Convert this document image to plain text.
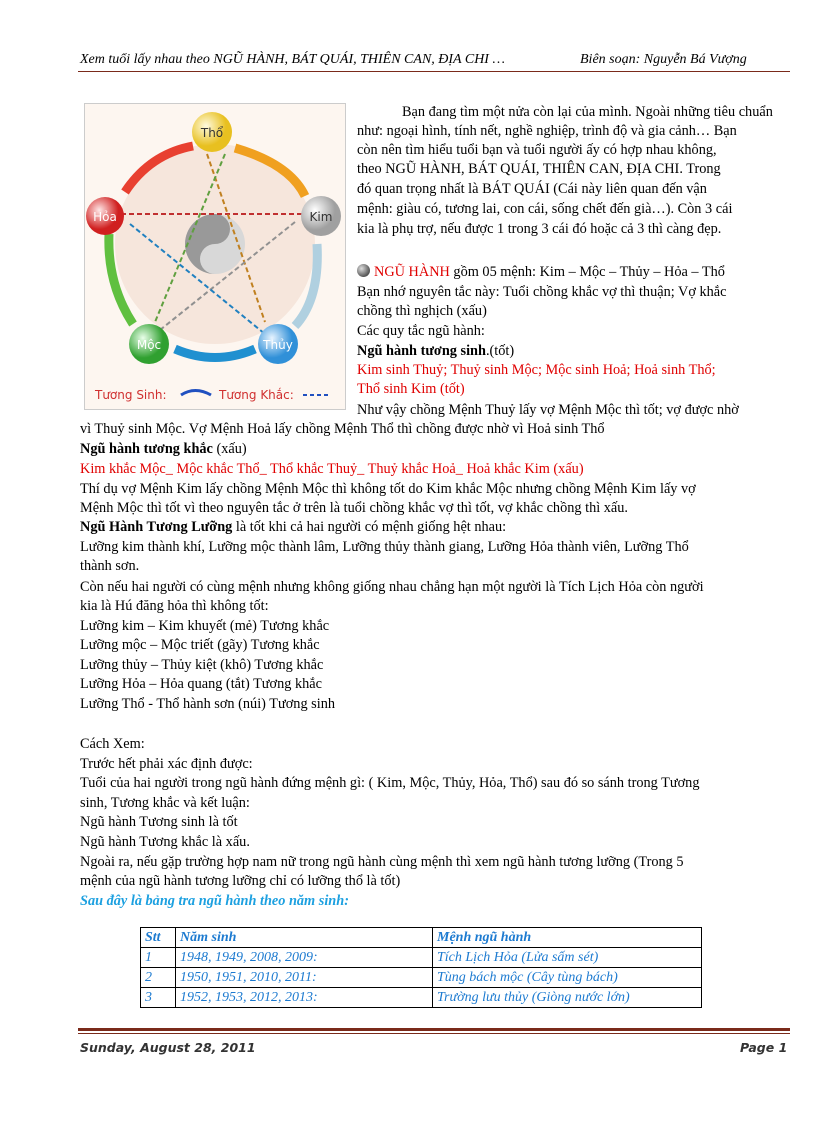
Xem tuổi lấy nhau theo NGŨ HÀNH, BÁT QUÁI, THIÊN CAN, ĐỊA CHI …	Biên soạn: Nguyễn Bá Vượng
Thổ
Kim
Thủy
Mộc
Hỏa
Tương Sinh:	Tương Khắc:
Bạn đang tìm một nửa còn lại của mình. Ngoài những tiêu chuẩn
như: ngoại hình, tính nết, nghề nghiệp, trình độ và gia cảnh… Bạn
còn nên tìm hiểu tuổi bạn và tuổi người ấy có hợp nhau không,
theo NGŨ HÀNH, BÁT QUÁI, THIÊN CAN, ĐỊA CHI. Trong
đó quan trọng nhất là BÁT QUÁI (Cái này liên quan đến vận
mệnh: giàu có, tương lai, con cái, sống chết đến già…). Còn 3 cái
kia là phụ trợ, nếu được 1 trong 3 cái đó hoặc cả 3 thì càng đẹp.
NGŨ HÀNH gồm 05 mệnh: Kim – Mộc – Thủy – Hỏa – Thổ
Bạn nhớ nguyên tắc này: Tuổi chồng khắc vợ thì thuận; Vợ khắc
chồng thì nghịch (xấu)
Các quy tắc ngũ hành:
Ngũ hành tương sinh.(tốt)
Kim sinh Thuỷ; Thuỷ sinh Mộc; Mộc sinh Hoả; Hoả sinh Thổ;
Thổ sinh Kim (tốt)
Như vậy chồng Mệnh Thuỷ lấy vợ Mệnh Mộc thì tốt; vợ được nhờ
vì Thuỷ sinh Mộc. Vợ Mệnh Hoả lấy chồng Mệnh Thổ thì chồng được nhờ vì Hoả sinh Thổ
Ngũ hành tương khắc (xấu)
Kim khắc Mộc_ Mộc khắc Thổ_ Thổ khắc Thuỷ_ Thuỷ khắc Hoả_ Hoả khắc Kim (xấu)
Thí dụ vợ Mệnh Kim lấy chồng Mệnh Mộc thì không tốt do Kim khắc Mộc nhưng chồng Mệnh Kim lấy vợ
Mệnh Mộc thì tốt vì theo nguyên tắc ở trên là tuổi chồng khắc vợ thì tốt, vợ khắc chồng thì xấu.
Ngũ Hành Tương Lưỡng là tốt khi cả hai người có mệnh giống hệt nhau:
Lưỡng kim thành khí, Lưỡng mộc thành lâm, Lưỡng thủy thành giang, Lưỡng Hỏa thành viên, Lưỡng Thổ
thành sơn.
Còn nếu hai người có cùng mệnh nhưng không giống nhau chẳng hạn một người là Tích Lịch Hỏa còn người
kia là Hú đăng hỏa thì không tốt:
Lưỡng kim – Kim khuyết (mẻ) Tương khắc
Lưỡng mộc – Mộc triết (gãy) Tương khắc
Lưỡng thủy – Thủy kiệt (khô) Tương khắc
Lưỡng Hỏa – Hỏa quang (tắt) Tương khắc
Lưỡng Thổ - Thổ hành sơn (núi) Tương sinh
Cách Xem:
Trước hết phải xác định được:
Tuổi của hai người trong ngũ hành đứng mệnh gì: ( Kim, Mộc, Thủy, Hỏa, Thổ) sau đó so sánh trong Tương
sinh, Tương khắc và kết luận:
Ngũ hành Tương sinh là tốt
Ngũ hành Tương khắc là xấu.
Ngoài ra, nếu gặp trường hợp nam nữ trong ngũ hành cùng mệnh thì xem ngũ hành tương lưỡng (Trong 5
mệnh của ngũ hành tương lưỡng chỉ có lưỡng thổ là tốt)
Sau đây là bảng tra ngũ hành theo năm sinh:
Stt	Năm sinh	Mệnh ngũ hành
1	1948, 1949, 2008, 2009:	Tích Lịch Hỏa (Lửa sấm sét)
2	1950, 1951, 2010, 2011:	Tùng bách mộc (Cây tùng bách)
3	1952, 1953, 2012, 2013:	Trường lưu thủy (Giòng nước lớn)
Sunday, August 28, 2011	Page 1
